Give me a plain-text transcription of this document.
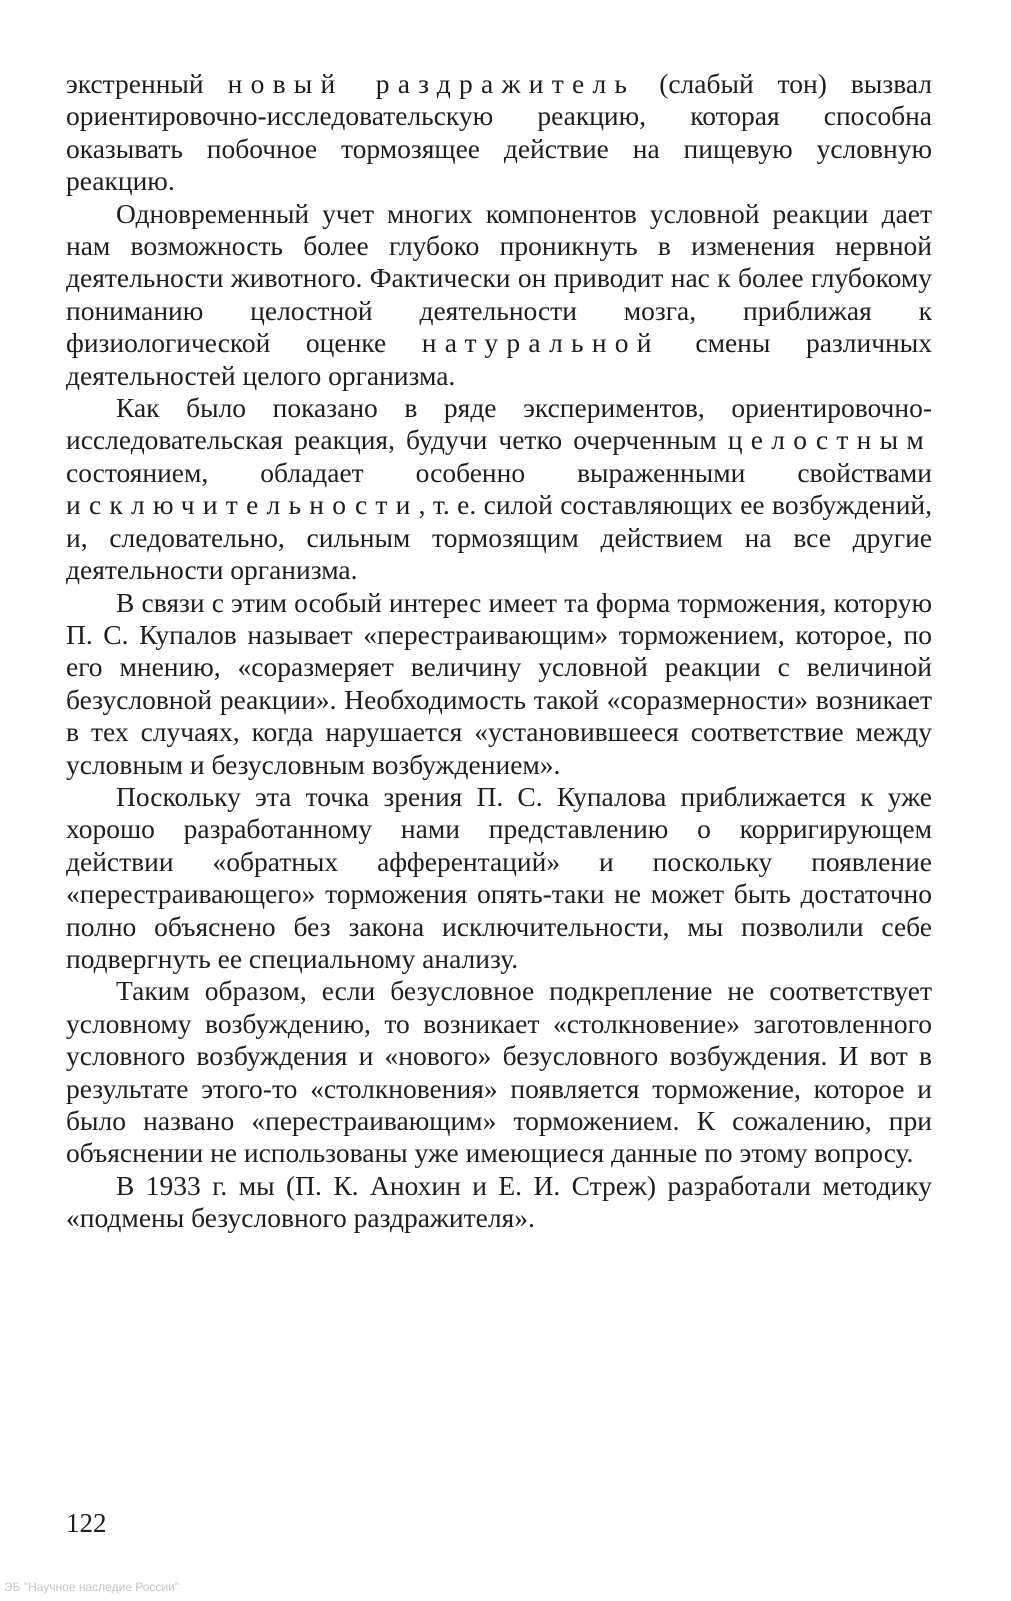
экстренный новый раздражитель (слабый тон) вызвал ориентировочно-исследовательскую реакцию, которая способна оказывать побочное тормозящее действие на пищевую условную реакцию.

Одновременный учет многих компонентов условной реакции дает нам возможность более глубоко проникнуть в изменения нервной деятельности животного. Фактически он приводит нас к более глубокому пониманию целостной деятельности мозга, приближая к физиологической оценке натуральной смены различных деятельностей целого организма.

Как было показано в ряде экспериментов, ориентировочно-исследовательская реакция, будучи четко очерченным целостным состоянием, обладает особенно выраженными свойствами исключительности, т. е. силой составляющих ее возбуждений, и, следовательно, сильным тормозящим действием на все другие деятельности организма.

В связи с этим особый интерес имеет та форма торможения, которую П. С. Купалов называет «перестраивающим» торможением, которое, по его мнению, «соразмеряет величину условной реакции с величиной безусловной реакции». Необходимость такой «соразмерности» возникает в тех случаях, когда нарушается «установившееся соответствие между условным и безусловным возбуждением».

Поскольку эта точка зрения П. С. Купалова приближается к уже хорошо разработанному нами представлению о корригирующем действии «обратных афферентаций» и поскольку появление «перестраивающего» торможения опять-таки не может быть достаточно полно объяснено без закона исключительности, мы позволили себе подвергнуть ее специальному анализу.

Таким образом, если безусловное подкрепление не соответствует условному возбуждению, то возникает «столкновение» заготовленного условного возбуждения и «нового» безусловного возбуждения. И вот в результате этого-то «столкновения» появляется торможение, которое и было названо «перестраивающим» торможением. К сожалению, при объяснении не использованы уже имеющиеся данные по этому вопросу.

В 1933 г. мы (П. К. Анохин и Е. И. Стреж) разработали методику «подмены безусловного раздражителя».

122
ЭБ "Научное наследие России"
